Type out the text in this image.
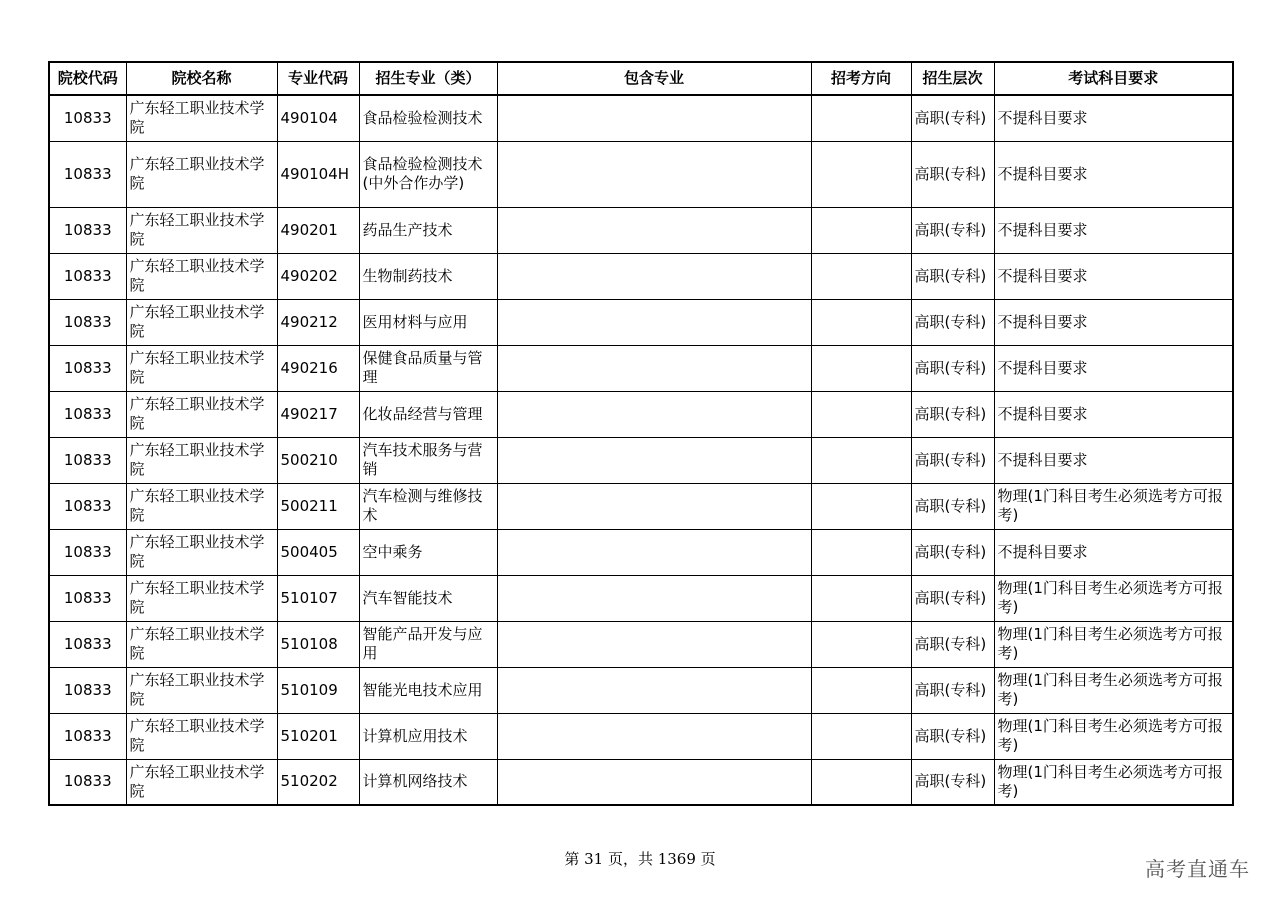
院校代码	院校名称	专业代码	招生专业（类）	包含专业	招考方向	招生层次	考试科目要求
10833	广东轻工职业技术学院	490104	食品检验检测技术			高职(专科)	不提科目要求
10833	广东轻工职业技术学院	490104H	食品检验检测技术(中外合作办学)			高职(专科)	不提科目要求
10833	广东轻工职业技术学院	490201	药品生产技术			高职(专科)	不提科目要求
10833	广东轻工职业技术学院	490202	生物制药技术			高职(专科)	不提科目要求
10833	广东轻工职业技术学院	490212	医用材料与应用			高职(专科)	不提科目要求
10833	广东轻工职业技术学院	490216	保健食品质量与管理			高职(专科)	不提科目要求
10833	广东轻工职业技术学院	490217	化妆品经营与管理			高职(专科)	不提科目要求
10833	广东轻工职业技术学院	500210	汽车技术服务与营销			高职(专科)	不提科目要求
10833	广东轻工职业技术学院	500211	汽车检测与维修技术			高职(专科)	物理(1门科目考生必须选考方可报考)
10833	广东轻工职业技术学院	500405	空中乘务			高职(专科)	不提科目要求
10833	广东轻工职业技术学院	510107	汽车智能技术			高职(专科)	物理(1门科目考生必须选考方可报考)
10833	广东轻工职业技术学院	510108	智能产品开发与应用			高职(专科)	物理(1门科目考生必须选考方可报考)
10833	广东轻工职业技术学院	510109	智能光电技术应用			高职(专科)	物理(1门科目考生必须选考方可报考)
10833	广东轻工职业技术学院	510201	计算机应用技术			高职(专科)	物理(1门科目考生必须选考方可报考)
10833	广东轻工职业技术学院	510202	计算机网络技术			高职(专科)	物理(1门科目考生必须选考方可报考)
第 31 页，共 1369 页	高考直通车
